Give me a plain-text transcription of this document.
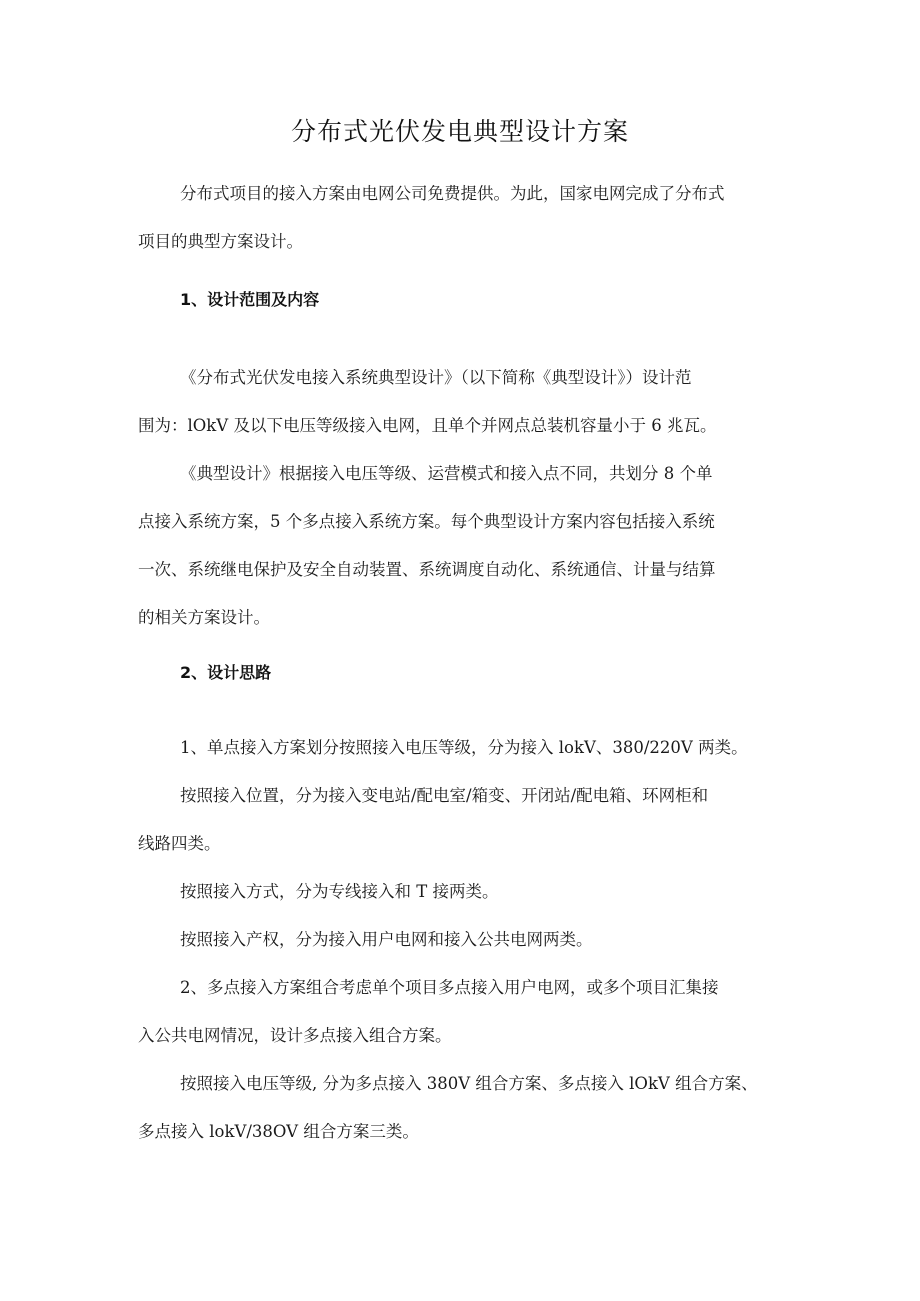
分布式光伏发电典型设计方案
分布式项目的接入方案由电网公司免费提供。为此，国家电网完成了分布式
项目的典型方案设计。
1、设计范围及内容
《分布式光伏发电接入系统典型设计》（以下简称《典型设计》）设计范
围为：lOkV 及以下电压等级接入电网，且单个并网点总装机容量小于 6 兆瓦。
《典型设计》根据接入电压等级、运营模式和接入点不同，共划分 8 个单
点接入系统方案，5 个多点接入系统方案。每个典型设计方案内容包括接入系统
一次、系统继电保护及安全自动装置、系统调度自动化、系统通信、计量与结算
的相关方案设计。
2、设计思路
1、单点接入方案划分按照接入电压等级，分为接入 lokV、380/220V 两类。
按照接入位置，分为接入变电站/配电室/箱变、开闭站/配电箱、环网柜和
线路四类。
按照接入方式，分为专线接入和 T 接两类。
按照接入产权，分为接入用户电网和接入公共电网两类。
2、多点接入方案组合考虑单个项目多点接入用户电网，或多个项目汇集接
入公共电网情况，设计多点接入组合方案。
按照接入电压等级, 分为多点接入 380V 组合方案、多点接入 lOkV 组合方案、
多点接入 lokV/38OV 组合方案三类。
